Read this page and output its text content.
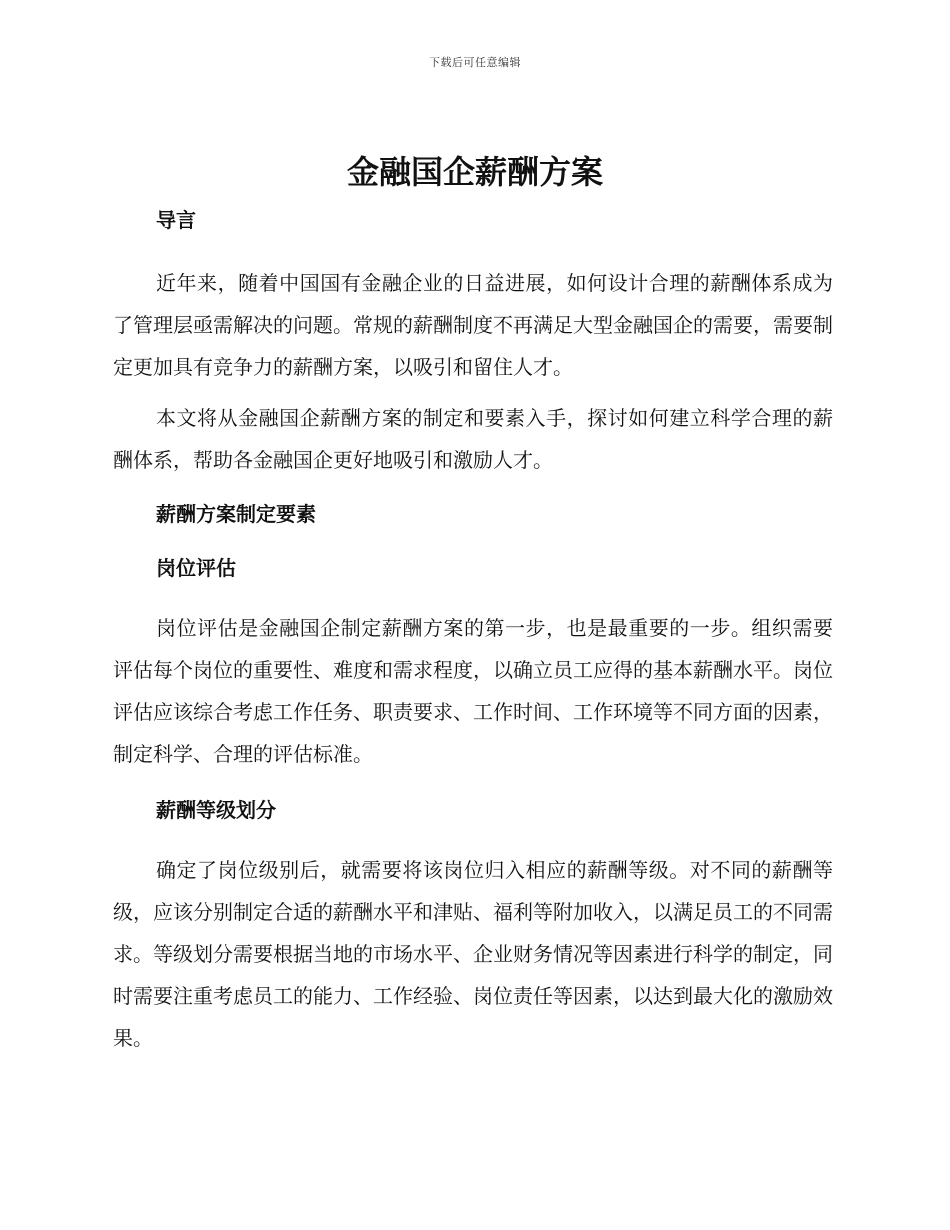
下载后可任意编辑
金融国企薪酬方案
导言

近年来，随着中国国有金融企业的日益进展，如何设计合理的薪酬体系成为了管理层亟需解决的问题。常规的薪酬制度不再满足大型金融国企的需要，需要制定更加具有竞争力的薪酬方案，以吸引和留住人才。

本文将从金融国企薪酬方案的制定和要素入手，探讨如何建立科学合理的薪酬体系，帮助各金融国企更好地吸引和激励人才。

薪酬方案制定要素
岗位评估

岗位评估是金融国企制定薪酬方案的第一步，也是最重要的一步。组织需要评估每个岗位的重要性、难度和需求程度，以确立员工应得的基本薪酬水平。岗位评估应该综合考虑工作任务、职责要求、工作时间、工作环境等不同方面的因素，制定科学、合理的评估标准。

薪酬等级划分

确定了岗位级别后，就需要将该岗位归入相应的薪酬等级。对不同的薪酬等级，应该分别制定合适的薪酬水平和津贴、福利等附加收入，以满足员工的不同需求。等级划分需要根据当地的市场水平、企业财务情况等因素进行科学的制定，同时需要注重考虑员工的能力、工作经验、岗位责任等因素，以达到最大化的激励效果。
